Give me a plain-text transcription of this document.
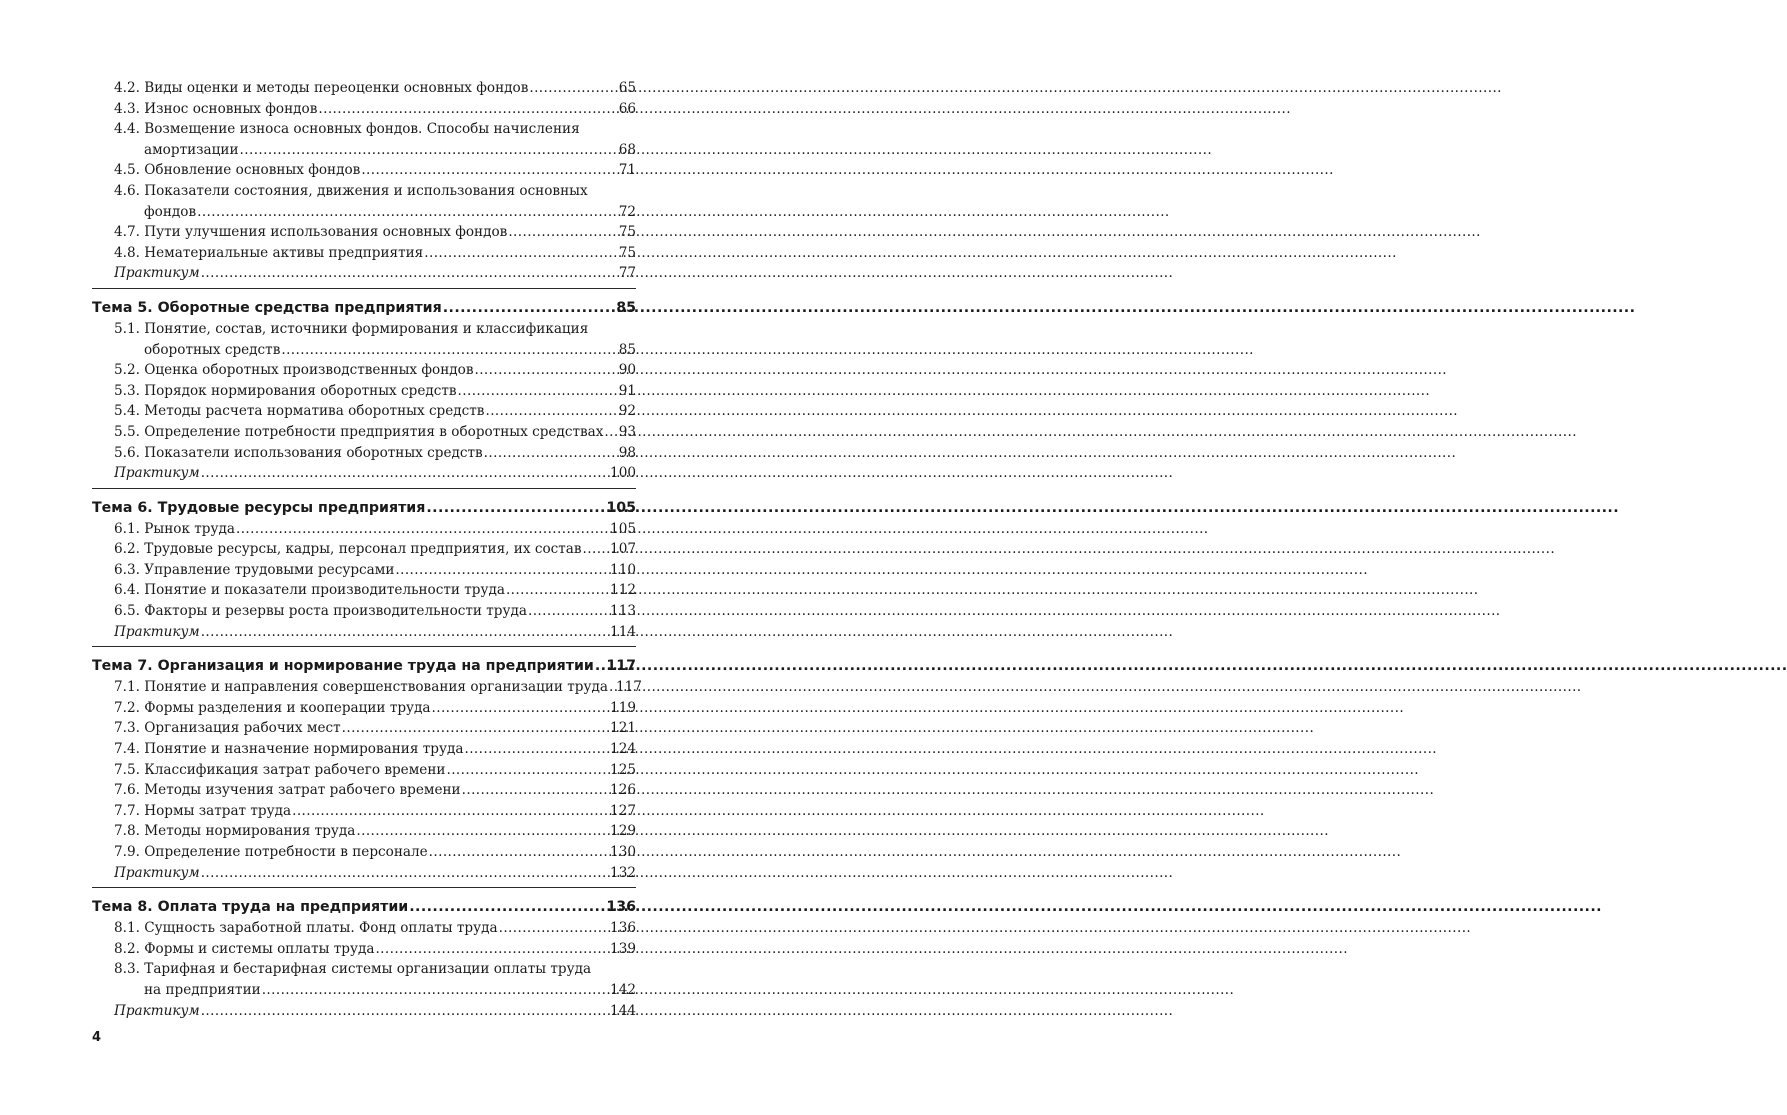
4.2. Виды оценки и методы переоценки основных фондов .....	65
4.3. Износ основных фондов .....	66
4.4. Возмещение износа основных фондов. Способы начисления
амортизации .....	68
4.5. Обновление основных фондов .....	71
4.6. Показатели состояния, движения и использования основных
фондов .....	72
4.7. Пути улучшения использования основных фондов .....	75
4.8. Нематериальные активы предприятия .....	75
Практикум .....	77
Тема 5. Оборотные средства предприятия .....	85
5.1. Понятие, состав, источники формирования и классификация
оборотных средств .....	85
5.2. Оценка оборотных производственных фондов .....	90
5.3. Порядок нормирования оборотных средств .....	91
5.4. Методы расчета норматива оборотных средств .....	92
5.5. Определение потребности предприятия в оборотных средствах ..... 93
5.6. Показатели использования оборотных средств .....	98
Практикум .....	100
Тема 6. Трудовые ресурсы предприятия .....	105
6.1. Рынок труда .....	105
6.2. Трудовые ресурсы, кадры, персонал предприятия, их состав ..... 107
6.3. Управление трудовыми ресурсами .....	110
6.4. Понятие и показатели производительности труда .....	112
6.5. Факторы и резервы роста производительности труда .....	113
Практикум .....	114
Тема 7. Организация и нормирование труда на предприятии ..... 117
7.1. Понятие и направления совершенствования организации труда ..... 117
7.2. Формы разделения и кооперации труда .....	119
7.3. Организация рабочих мест .....	121
7.4. Понятие и назначение нормирования труда .....	124
7.5. Классификация затрат рабочего времени .....	125
7.6. Методы изучения затрат рабочего времени .....	126
7.7. Нормы затрат труда .....	127
7.8. Методы нормирования труда .....	129
7.9. Определение потребности в персонале .....	130
Практикум .....	132
Тема 8. Оплата труда на предприятии .....	136
8.1. Сущность заработной платы. Фонд оплаты труда .....	136
8.2. Формы и системы оплаты труда .....	139
8.3. Тарифная и бестарифная системы организации оплаты труда
на предприятии .....	142
Практикум .....	144
4
